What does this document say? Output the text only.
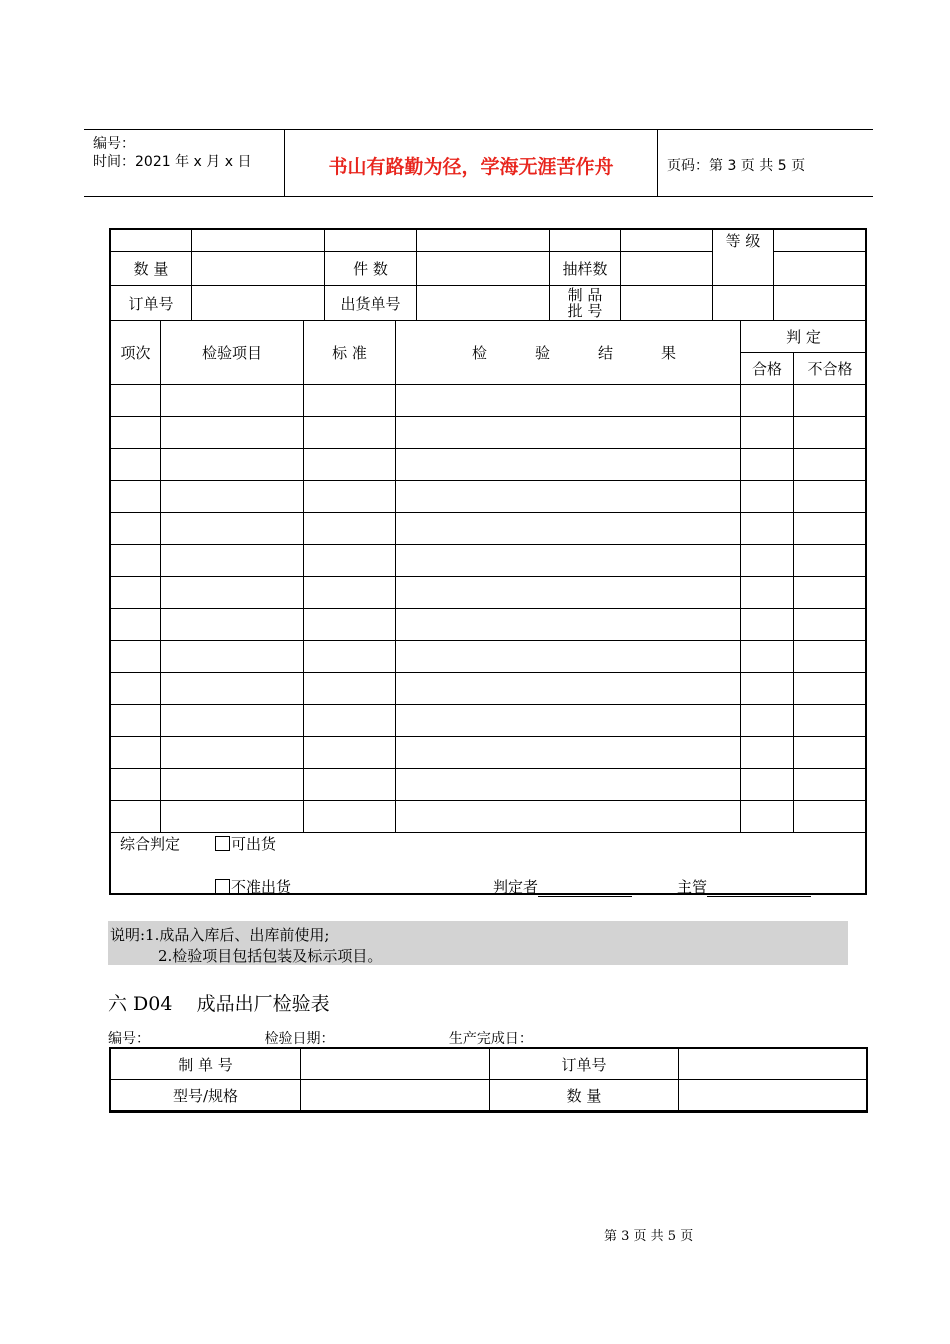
编号：
时间：2021 年 x 月 x 日	书山有路勤为径，学海无涯苦作舟	页码：第 3 页 共 5 页
						等 级	
数 量		件 数		抽样数			
订单号		出货单号		制 品
批 号			

项次	检验项目	标 准	检 验 结 果	判 定	
				合格	不合格

综合判定	可出货
不准出货	判定者	主管
说明:1.成品入库后、出库前使用;
2.检验项目包括包装及标示项目。
六 D04    成品出厂检验表
编号：	检验日期：	生产完成日：
制 单 号		订单号	
型号/规格		数 量	
第 3 页 共 5 页
